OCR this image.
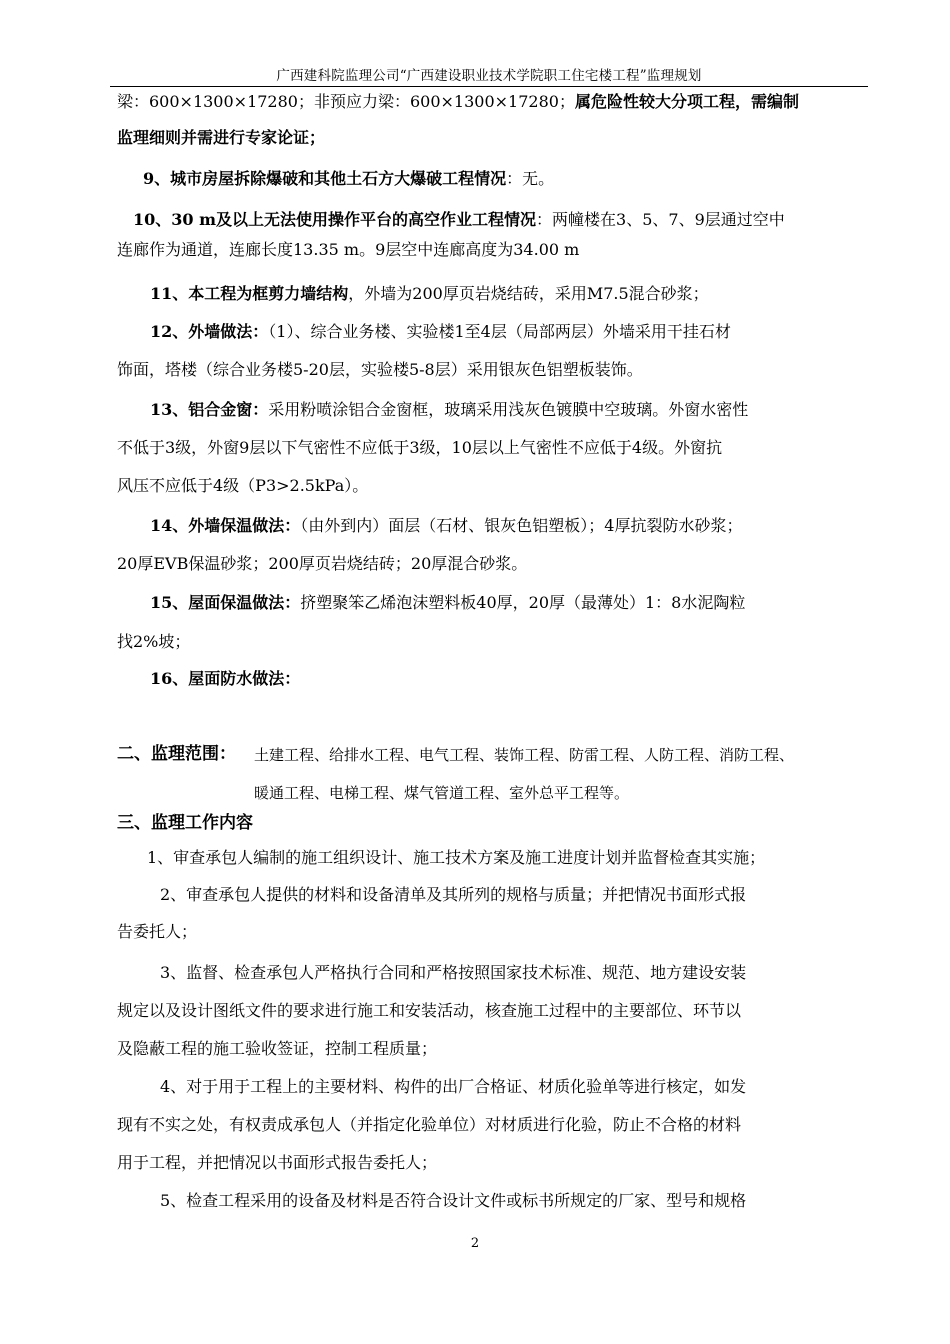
广西建科院监理公司“广西建设职业技术学院职工住宅楼工程”监理规划
梁：600×1300×17280；非预应力梁：600×1300×17280；属危险性较大分项工程，需编制
监理细则并需进行专家论证；
9、城市房屋拆除爆破和其他土石方大爆破工程情况：无。
10、30 m及以上无法使用操作平台的高空作业工程情况：两幢楼在3、5、7、9层通过空中
连廊作为通道，连廊长度13.35 m。9层空中连廊高度为34.00 m
11、本工程为框剪力墙结构，外墙为200厚页岩烧结砖，采用M7.5混合砂浆；
12、外墙做法：（1）、综合业务楼、实验楼1至4层（局部两层）外墙采用干挂石材
饰面，塔楼（综合业务楼5-20层，实验楼5-8层）采用银灰色铝塑板装饰。
13、铝合金窗：采用粉喷涂铝合金窗框，玻璃采用浅灰色镀膜中空玻璃。外窗水密性
不低于3级，外窗9层以下气密性不应低于3级，10层以上气密性不应低于4级。外窗抗
风压不应低于4级（P3>2.5kPa）。
14、外墙保温做法：（由外到内）面层（石材、银灰色铝塑板）；4厚抗裂防水砂浆；
20厚EVB保温砂浆；200厚页岩烧结砖；20厚混合砂浆。
15、屋面保温做法：挤塑聚笨乙烯泡沫塑料板40厚，20厚（最薄处）1：8水泥陶粒
找2%坡；
16、屋面防水做法：
二、监理范围： 土建工程、给排水工程、电气工程、装饰工程、防雷工程、人防工程、消防工程、
暖通工程、电梯工程、煤气管道工程、室外总平工程等。
三、监理工作内容
1、审查承包人编制的施工组织设计、施工技术方案及施工进度计划并监督检查其实施；
2、审查承包人提供的材料和设备清单及其所列的规格与质量；并把情况书面形式报
告委托人；
3、监督、检查承包人严格执行合同和严格按照国家技术标准、规范、地方建设安装
规定以及设计图纸文件的要求进行施工和安装活动，核查施工过程中的主要部位、环节以
及隐蔽工程的施工验收签证，控制工程质量；
4、对于用于工程上的主要材料、构件的出厂合格证、材质化验单等进行核定，如发
现有不实之处，有权责成承包人（并指定化验单位）对材质进行化验，防止不合格的材料
用于工程，并把情况以书面形式报告委托人；
5、检查工程采用的设备及材料是否符合设计文件或标书所规定的厂家、型号和规格
2
